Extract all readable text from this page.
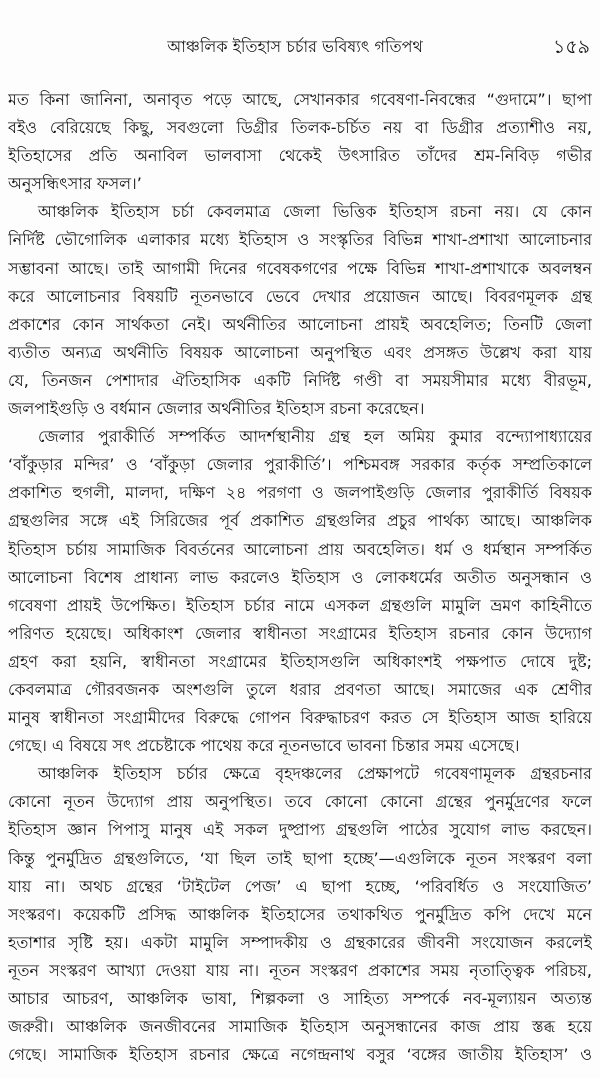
আঞ্চলিক ইতিহাস চর্চার ভবিষ্যৎ গতিপথ	১৫৯
মত কিনা জানিনা, অনাবৃত পড়ে আছে, সেখানকার গবেষণা-নিবন্ধের “গুদামে”। ছাপা
বইও বেরিয়েছে কিছু, সবগুলো ডিগ্রীর তিলক-চর্চিত নয় বা ডিগ্রীর প্রত্যাশীও নয়,
ইতিহাসের প্রতি অনাবিল ভালবাসা থেকেই উৎসারিত তাঁদের শ্রম-নিবিড় গভীর
অনুসন্ধিৎসার ফসল।’
আঞ্চলিক ইতিহাস চর্চা কেবলমাত্র জেলা ভিত্তিক ইতিহাস রচনা নয়। যে কোন
নির্দিষ্ট ভৌগোলিক এলাকার মধ্যে ইতিহাস ও সংস্কৃতির বিভিন্ন শাখা-প্রশাখা আলোচনার
সম্ভাবনা আছে। তাই আগামী দিনের গবেষকগণের পক্ষে বিভিন্ন শাখা-প্রশাখাকে অবলম্বন
করে আলোচনার বিষয়টি নূতনভাবে ভেবে দেখার প্রয়োজন আছে। বিবরণমূলক গ্রন্থ
প্রকাশের কোন সার্থকতা নেই। অর্থনীতির আলোচনা প্রায়ই অবহেলিত; তিনটি জেলা
ব্যতীত অন্যত্র অর্থনীতি বিষয়ক আলোচনা অনুপস্থিত এবং প্রসঙ্গত উল্লেখ করা যায়
যে, তিনজন পেশাদার ঐতিহাসিক একটি নির্দিষ্ট গণ্ডী বা সময়সীমার মধ্যে বীরভূম,
জলপাইগুড়ি ও বর্ধমান জেলার অর্থনীতির ইতিহাস রচনা করেছেন।
জেলার পুরাকীর্তি সম্পর্কিত আদর্শস্থানীয় গ্রন্থ হল অমিয় কুমার বন্দ্যোপাধ্যায়ের
‘বাঁকুড়ার মন্দির’ ও ‘বাঁকুড়া জেলার পুরাকীর্তি’। পশ্চিমবঙ্গ সরকার কর্তৃক সম্প্রতিকালে
প্রকাশিত হুগলী, মালদা, দক্ষিণ ২৪ পরগণা ও জলপাইগুড়ি জেলার পুরাকীর্তি বিষয়ক
গ্রন্থগুলির সঙ্গে এই সিরিজের পূর্ব প্রকাশিত গ্রন্থগুলির প্রচুর পার্থক্য আছে। আঞ্চলিক
ইতিহাস চর্চায় সামাজিক বিবর্তনের আলোচনা প্রায় অবহেলিত। ধর্ম ও ধর্মস্থান সম্পর্কিত
আলোচনা বিশেষ প্রাধান্য লাভ করলেও ইতিহাস ও লোকধর্মের অতীত অনুসন্ধান ও
গবেষণা প্রায়ই উপেক্ষিত। ইতিহাস চর্চার নামে এসকল গ্রন্থগুলি মামুলি ভ্রমণ কাহিনীতে
পরিণত হয়েছে। অধিকাংশ জেলার স্বাধীনতা সংগ্রামের ইতিহাস রচনার কোন উদ্যোগ
গ্রহণ করা হয়নি, স্বাধীনতা সংগ্রামের ইতিহাসগুলি অধিকাংশই পক্ষপাত দোষে দুষ্ট;
কেবলমাত্র গৌরবজনক অংশগুলি তুলে ধরার প্রবণতা আছে। সমাজের এক শ্রেণীর
মানুষ স্বাধীনতা সংগ্রামীদের বিরুদ্ধে গোপন বিরুদ্ধাচরণ করত সে ইতিহাস আজ হারিয়ে
গেছে। এ বিষয়ে সৎ প্রচেষ্টাকে পাথেয় করে নূতনভাবে ভাবনা চিন্তার সময় এসেছে।
আঞ্চলিক ইতিহাস চর্চার ক্ষেত্রে বৃহদঞ্চলের প্রেক্ষাপটে গবেষণামূলক গ্রন্থরচনার
কোনো নূতন উদ্যোগ প্রায় অনুপস্থিত। তবে কোনো কোনো গ্রন্থের পুনর্মুদ্রণের ফলে
ইতিহাস জ্ঞান পিপাসু মানুষ এই সকল দুষ্প্রাপ্য গ্রন্থগুলি পাঠের সুযোগ লাভ করছেন।
কিন্তু পুনর্মুদ্রিত গ্রন্থগুলিতে, ‘যা ছিল তাই ছাপা হচ্ছে’—এগুলিকে নূতন সংস্করণ বলা
যায় না। অথচ গ্রন্থের ‘টাইটেল পেজ’ এ ছাপা হচ্ছে, ‘পরিবর্ধিত ও সংযোজিত’
সংস্করণ। কয়েকটি প্রসিদ্ধ আঞ্চলিক ইতিহাসের তথাকথিত পুনর্মুদ্রিত কপি দেখে মনে
হতাশার সৃষ্টি হয়। একটা মামুলি সম্পাদকীয় ও গ্রন্থকারের জীবনী সংযোজন করলেই
নূতন সংস্করণ আখ্যা দেওয়া যায় না। নূতন সংস্করণ প্রকাশের সময় নৃতাত্ত্বিক পরিচয়,
আচার আচরণ, আঞ্চলিক ভাষা, শিল্পকলা ও সাহিত্য সম্পর্কে নব-মূল্যায়ন অত্যন্ত
জরুরী। আঞ্চলিক জনজীবনের সামাজিক ইতিহাস অনুসন্ধানের কাজ প্রায় স্তব্ধ হয়ে
গেছে। সামাজিক ইতিহাস রচনার ক্ষেত্রে নগেন্দ্রনাথ বসুর ‘বঙ্গের জাতীয় ইতিহাস’ ও
